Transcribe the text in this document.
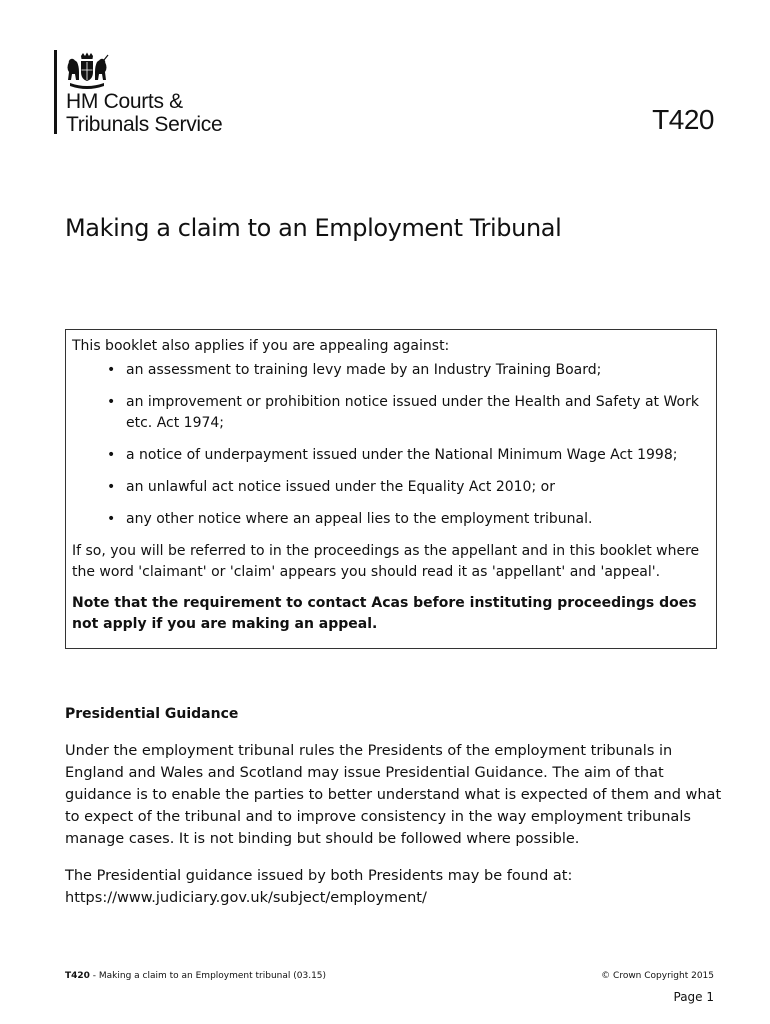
HM Courts &
Tribunals Service	T420
Making a claim to an Employment Tribunal

This booklet also applies if you are appealing against:

• an assessment to training levy made by an Industry Training Board;
• an improvement or prohibition notice issued under the Health and Safety at Work etc. Act 1974;
• a notice of underpayment issued under the National Minimum Wage Act 1998;
• an unlawful act notice issued under the Equality Act 2010; or
• any other notice where an appeal lies to the employment tribunal.

If so, you will be referred to in the proceedings as the appellant and in this booklet where the word 'claimant' or 'claim' appears you should read it as 'appellant' and 'appeal'.

Note that the requirement to contact Acas before instituting proceedings does not apply if you are making an appeal.

Presidential Guidance

Under the employment tribunal rules the Presidents of the employment tribunals in England and Wales and Scotland may issue Presidential Guidance. The aim of that guidance is to enable the parties to better understand what is expected of them and what to expect of the tribunal and to improve consistency in the way employment tribunals manage cases. It is not binding but should be followed where possible.

The Presidential guidance issued by both Presidents may be found at:
https://www.judiciary.gov.uk/subject/employment/

T420 - Making a claim to an Employment tribunal (03.15)	© Crown Copyright 2015
Page 1
